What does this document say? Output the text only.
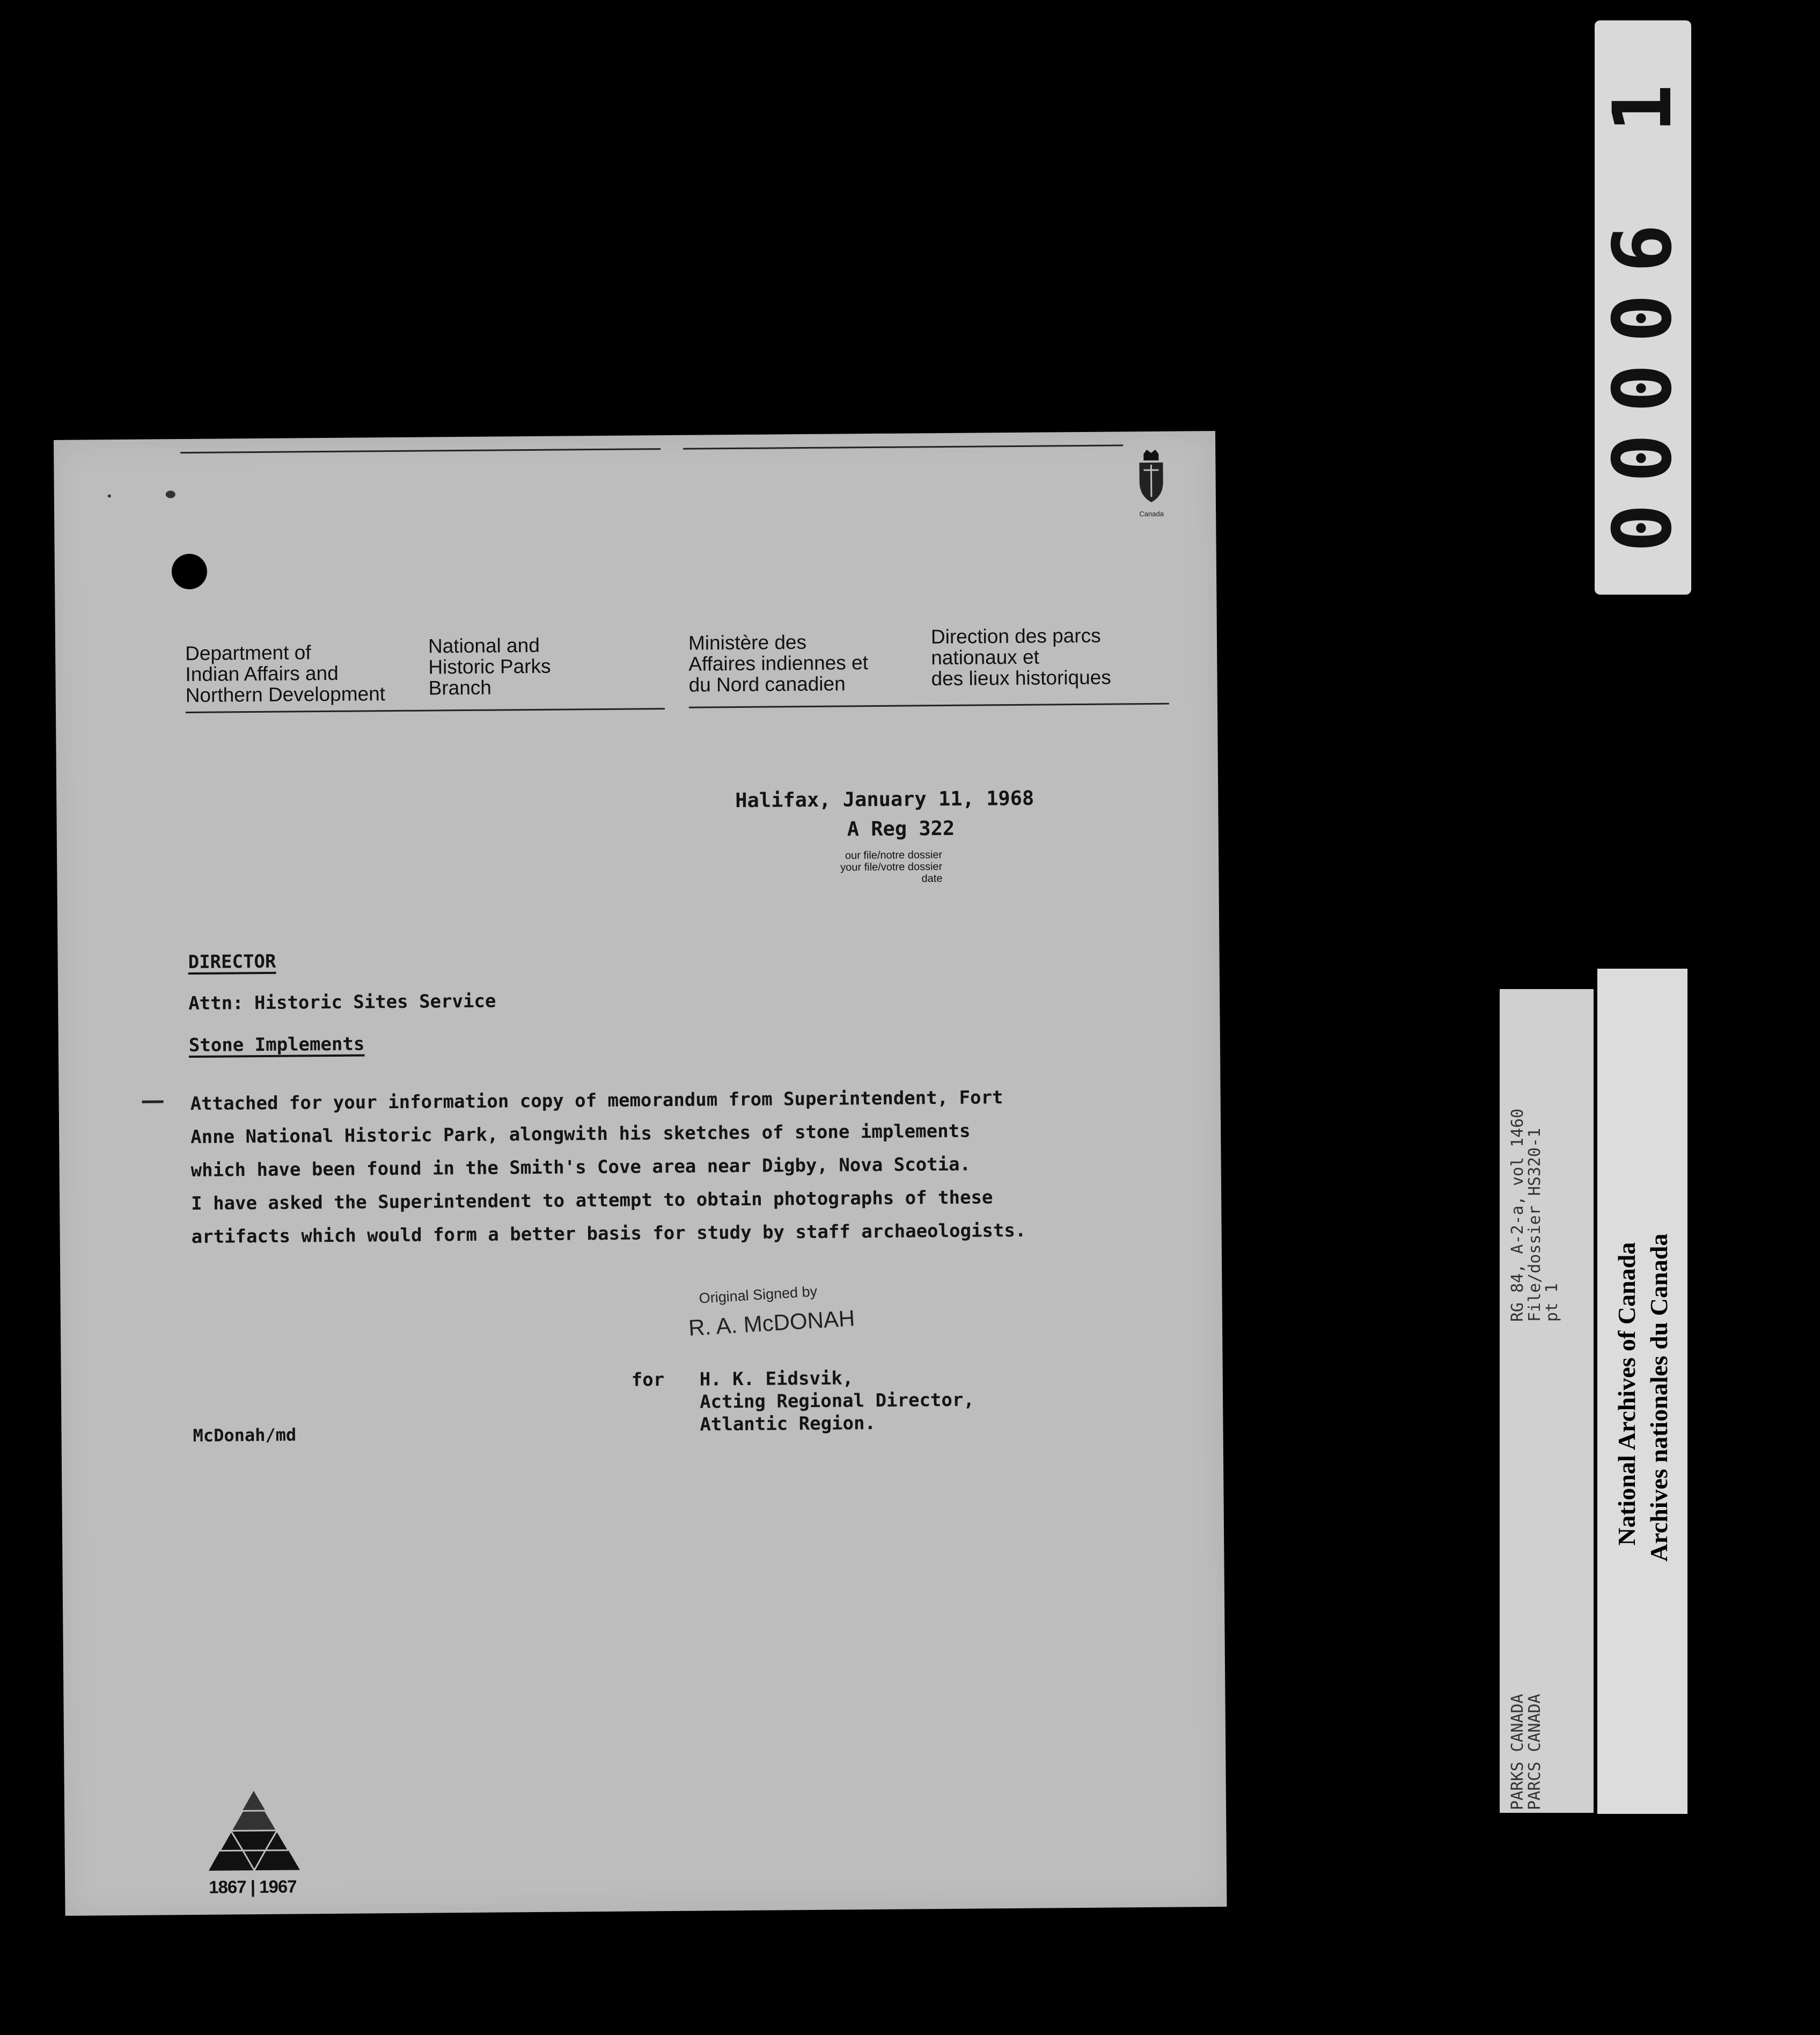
Canada
Department of
Indian Affairs and
Northern Development
National and
Historic Parks
Branch
Ministère des
Affaires indiennes et
du Nord canadien
Direction des parcs
nationaux et
des lieux historiques
Halifax, January 11, 1968
A Reg 322
our file/notre dossier
your file/votre dossier
date
DIRECTOR
Attn: Historic Sites Service
Stone Implements
Attached for your information copy of memorandum from Superintendent, Fort
Anne National Historic Park, alongwith his sketches of stone implements
which have been found in the Smith's Cove area near Digby, Nova Scotia.
I have asked the Superintendent to attempt to obtain photographs of these
artifacts which would form a better basis for study by staff archaeologists.
Original Signed by
R. A. McDONAH
for H. K. Eidsvik,
Acting Regional Director,
Atlantic Region.
McDonah/md
1867 | 1967
00006 1
RG 84, A-2-a, vol 1460
File/dossier HS320-1
pt 1
PARKS CANADA
PARCS CANADA
National Archives of Canada Archives nationales du Canada
